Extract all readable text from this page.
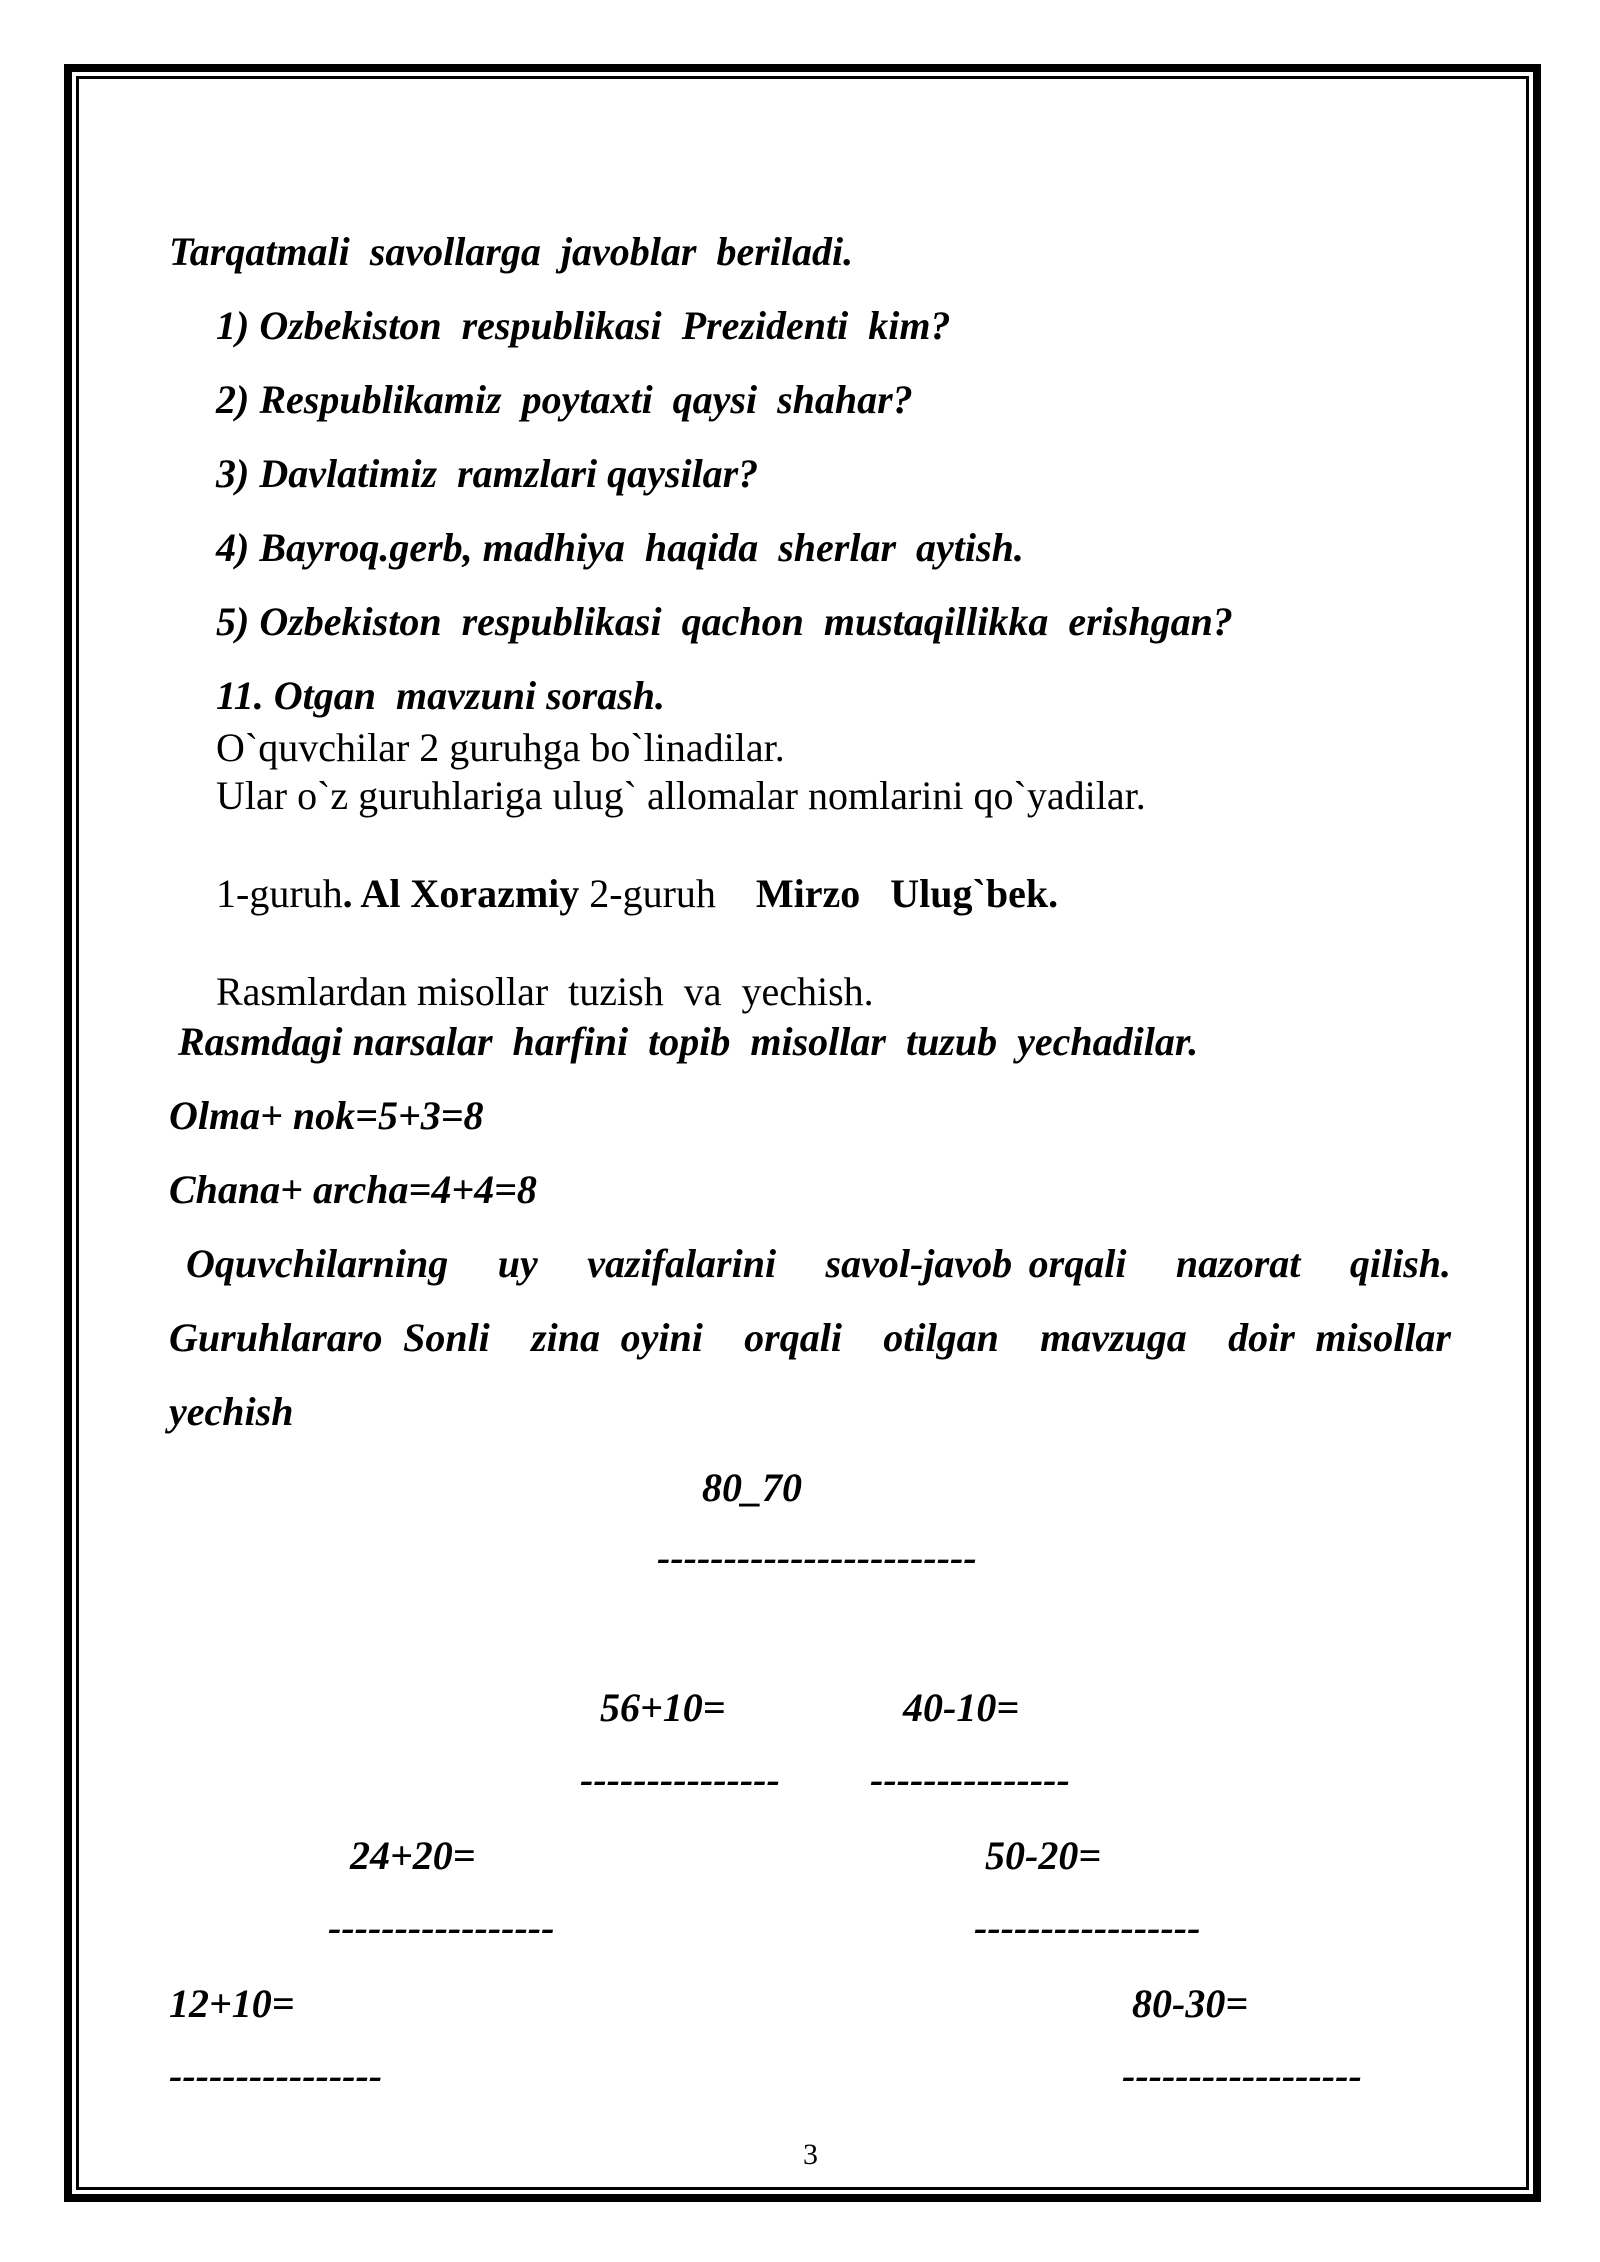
Tarqatmali  savollarga  javoblar  beriladi.
1) Ozbekiston  respublikasi  Prezidenti  kim?
2) Respublikamiz  poytaxti  qaysi  shahar?
3) Davlatimiz  ramzlari qaysilar?
4) Bayroq.gerb, madhiya  haqida  sherlar  aytish.
5) Ozbekiston  respublikasi  qachon  mustaqillikka  erishgan?
11. Otgan  mavzuni sorash.
O`quvchilar 2 guruhga bo`linadilar.
Ular o`z guruhlariga ulug` allomalar nomlarini qo`yadilar.
1-guruh. Al Xorazmiy 2-guruh    Mirzo   Ulug`bek.
Rasmlardan misollar  tuzish  va  yechish.
Rasmdagi narsalar  harfini  topib  misollar  tuzub  yechadilar.
Olma+ nok=5+3=8
Chana+ archa=4+4=8
Oquvchilarning   uy   vazifalarini   savol-javob orqali   nazorat   qilish.
Guruhlararo Sonli  zina oyini  orqali  otilgan  mavzuga  doir misollar
yechish
80_70
------------------------
56+10=	40-10=
--------------- ---------------
24+20=	50-20=
-----------------	-----------------
12+10=	80-30=
----------------	------------------
3
